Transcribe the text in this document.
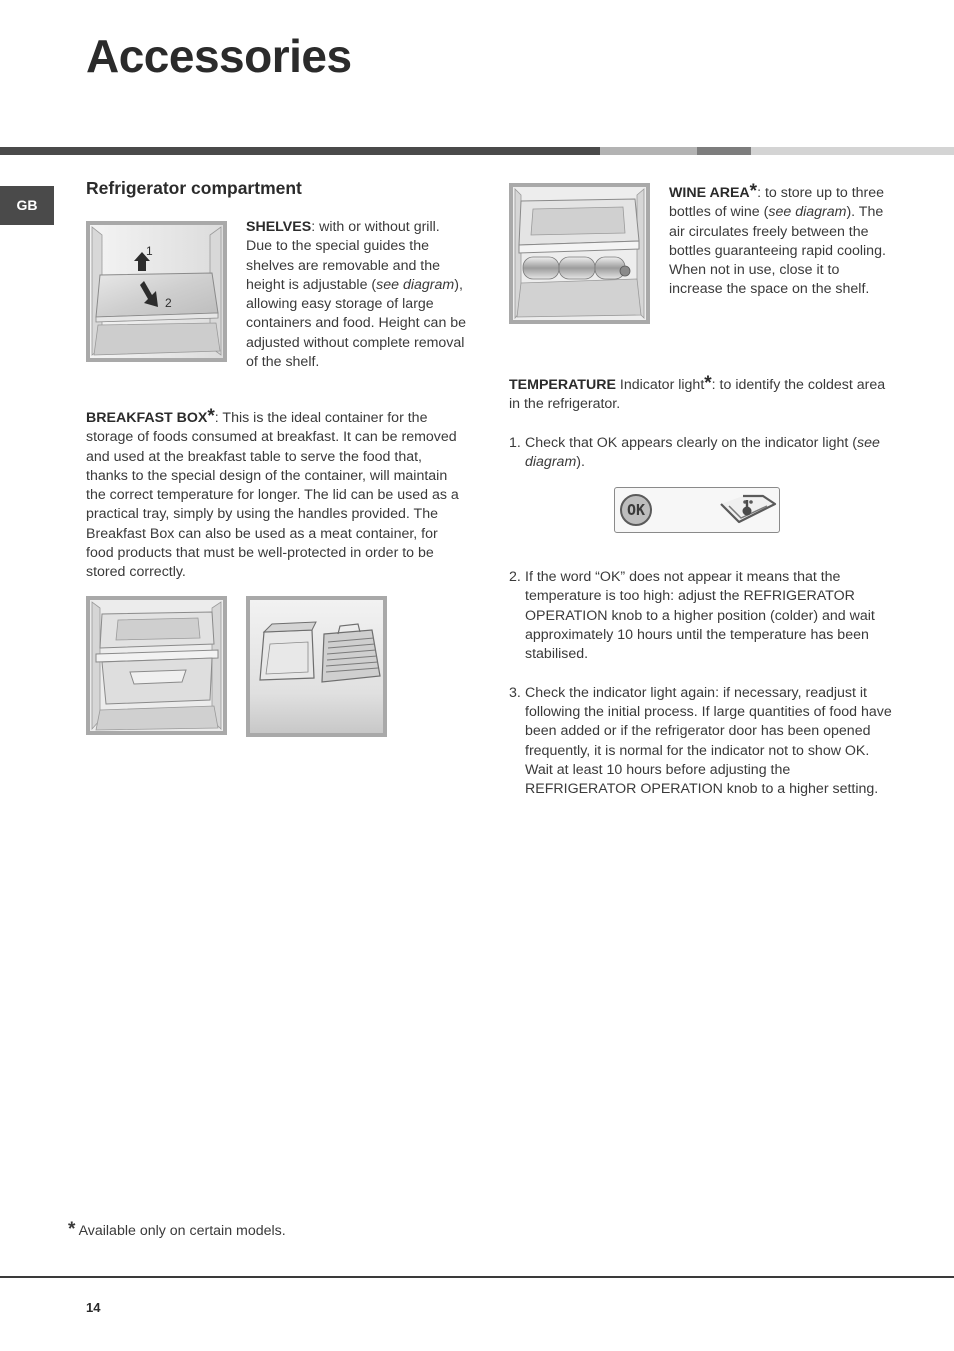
Accessories
GB
Refrigerator compartment
1
2

SHELVES: with or without grill. Due to the special guides the shelves are removable and the height is adjustable (see diagram), allowing easy storage of large containers and food. Height can be adjusted without complete removal of the shelf.

BREAKFAST BOX*: This is the ideal container for the storage of foods consumed at breakfast. It can be removed and used at the breakfast table to serve the food that, thanks to the special design of the container, will maintain the correct temperature for longer. The lid can be used as a practical tray, simply by using the handles provided. The Breakfast Box can also be used as a meat container, for food products that must be well-protected in order to be stored correctly.

WINE AREA*: to store up to three bottles of wine (see diagram). The air circulates freely between the bottles guaranteeing rapid cooling. When not in use, close it to increase the space on the shelf.

TEMPERATURE Indicator light*: to identify the coldest area in the refrigerator.

1. Check that OK appears clearly on the indicator light (see diagram).
OK
2. If the word “OK” does not appear it means that the temperature is too high: adjust the REFRIGERATOR OPERATION knob to a higher position (colder) and wait approximately 10 hours until the temperature has been stabilised.
3. Check the indicator light again: if necessary, readjust it following the initial process. If large quantities of food have been added or if the refrigerator door has been opened frequently, it is normal for the indicator not to show OK. Wait at least 10 hours before adjusting the REFRIGERATOR OPERATION knob to a higher setting.
* Available only on certain models.
14
